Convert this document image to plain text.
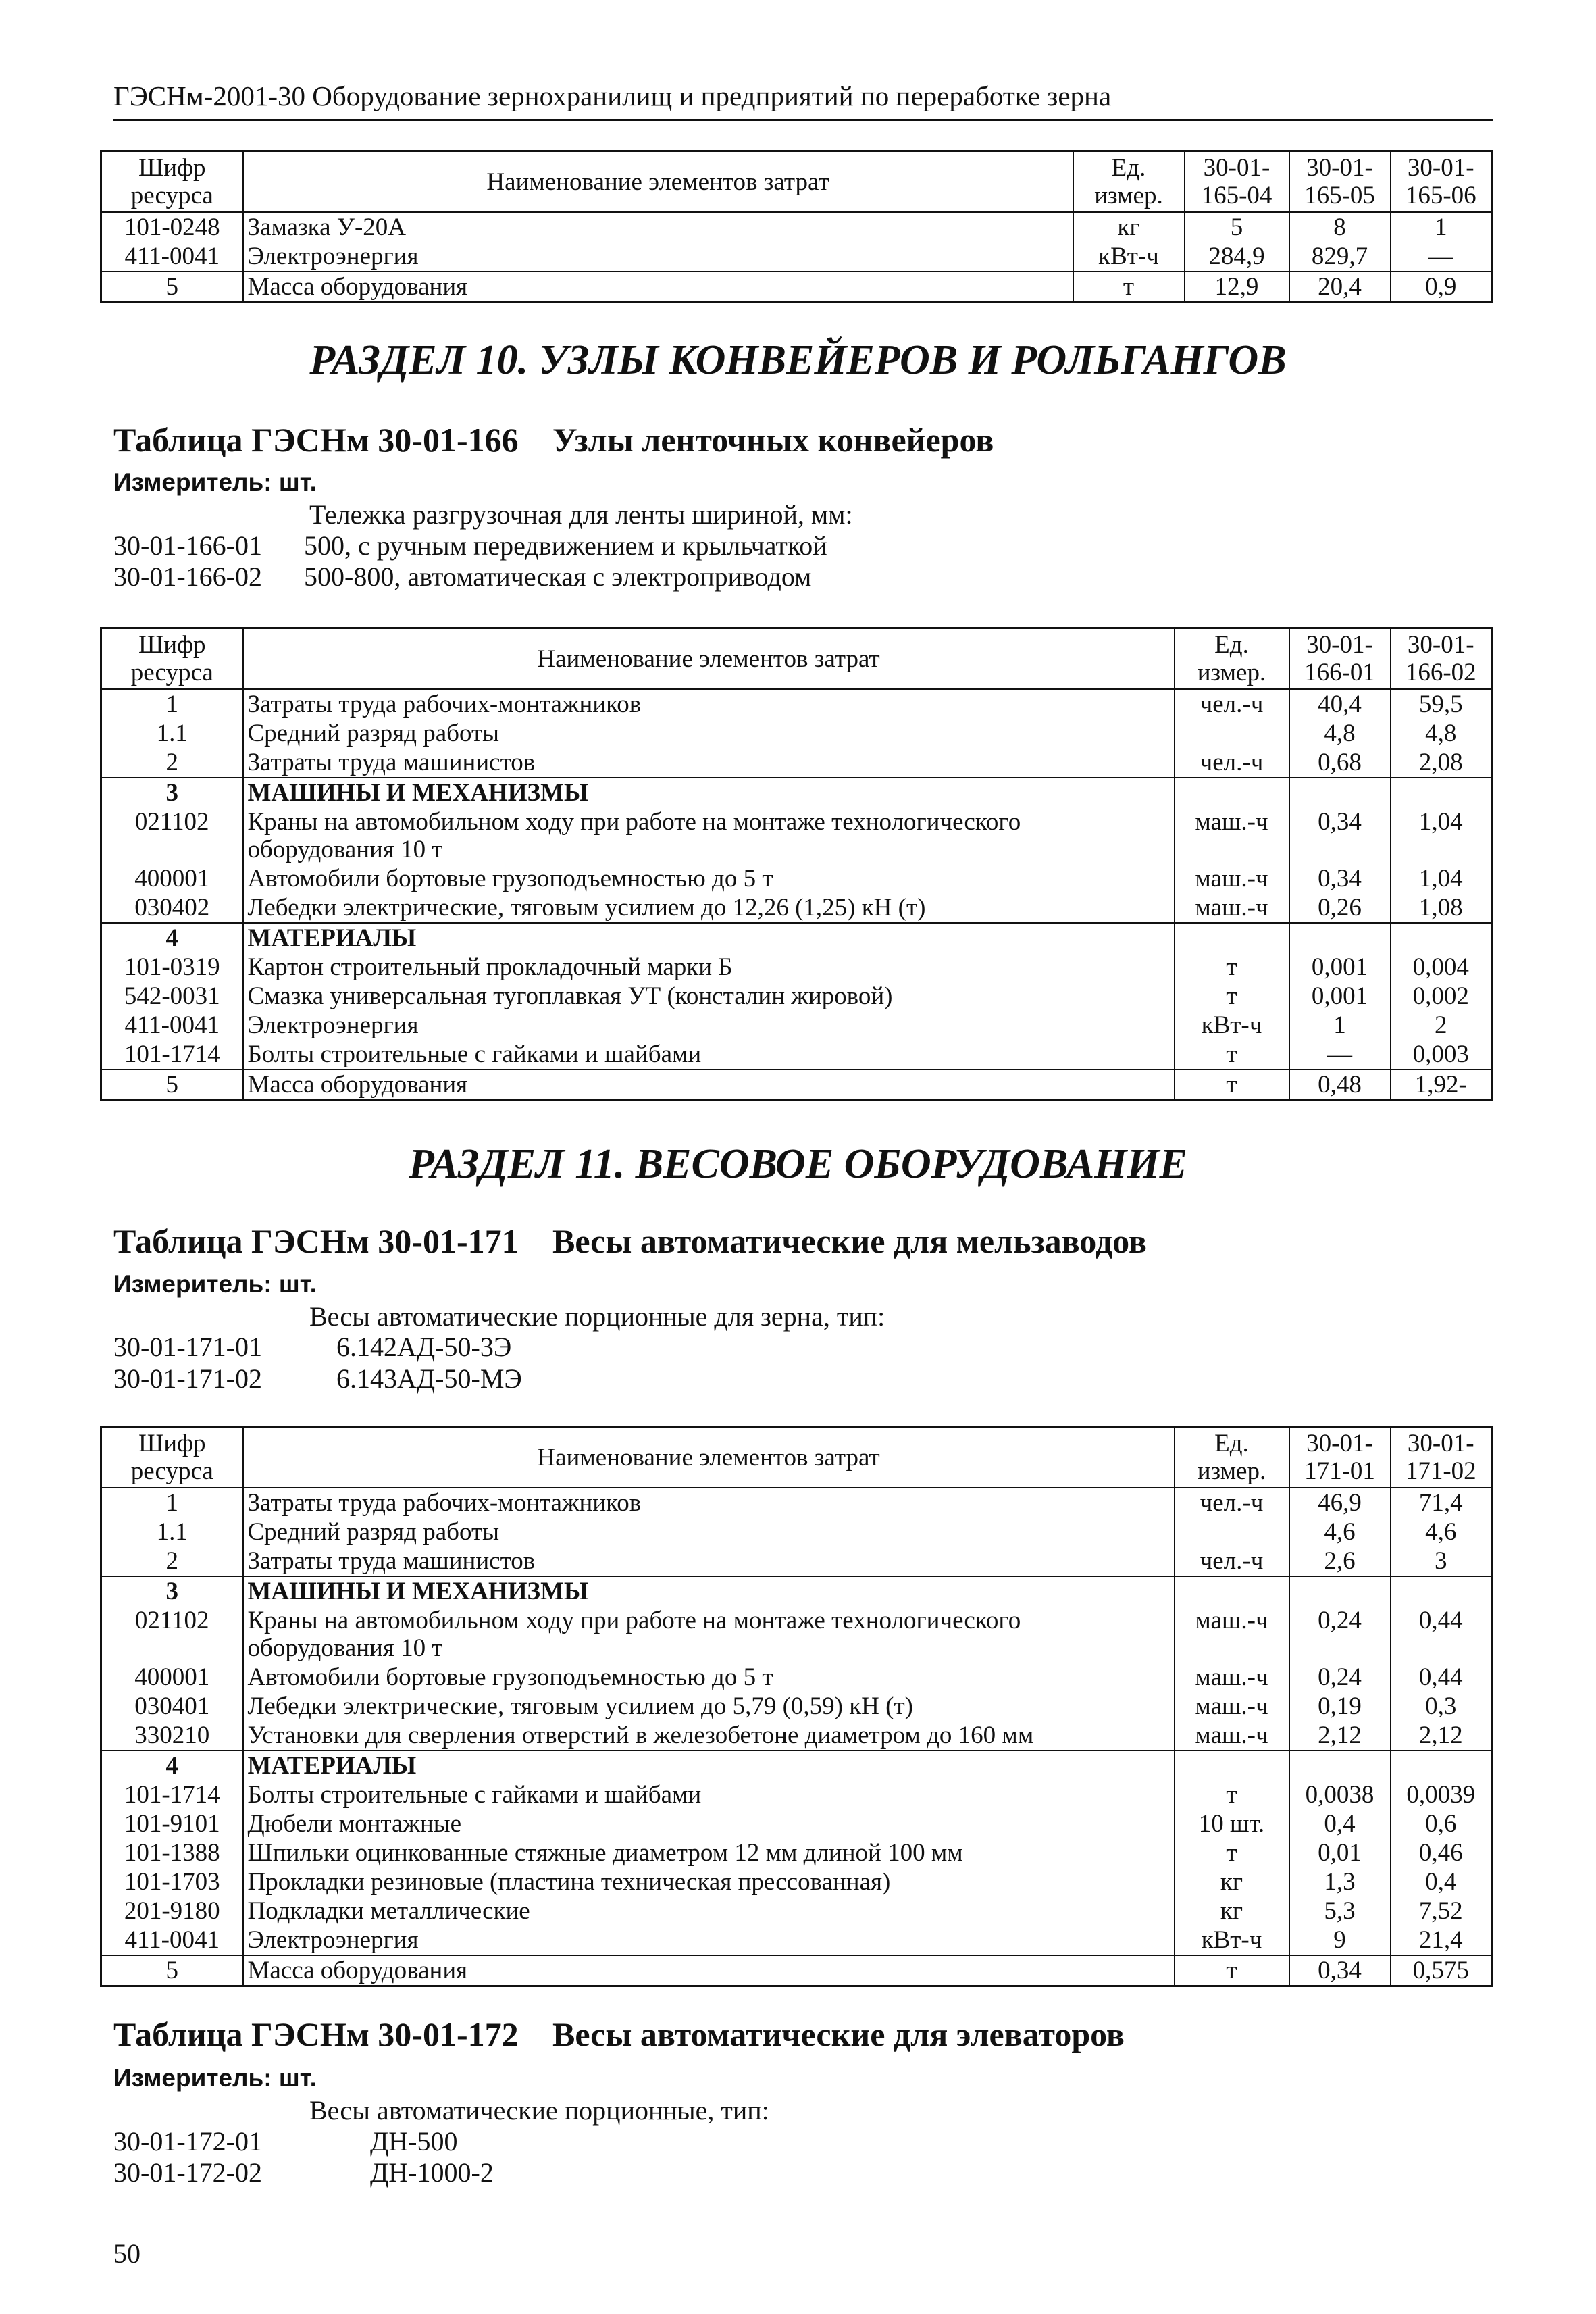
ГЭСНм-2001-30 Оборудование зернохранилищ и предприятий по переработке зерна
Шифр ресурса	Наименование элементов затрат	Ед. измер.	30-01-165-04	30-01-165-05	30-01-165-06
101-0248	Замазка У-20А	кг	5	8	1
411-0041	Электроэнергия	кВт-ч	284,9	829,7	—
5	Масса оборудования	т	12,9	20,4	0,9
РАЗДЕЛ 10. УЗЛЫ КОНВЕЙЕРОВ И РОЛЬГАНГОВ
Таблица ГЭСНм 30-01-166 Узлы ленточных конвейеров
Измеритель: шт.
Тележка разгрузочная для ленты шириной, мм:
30-01-166-01 500, с ручным передвижением и крыльчаткой
30-01-166-02 500-800, автоматическая с электроприводом
Шифр ресурса	Наименование элементов затрат	Ед. измер.	30-01-166-01	30-01-166-02
1	Затраты труда рабочих-монтажников	чел.-ч	40,4	59,5
1.1	Средний разряд работы		4,8	4,8
2	Затраты труда машинистов	чел.-ч	0,68	2,08
3	МАШИНЫ И МЕХАНИЗМЫ			
021102	Краны на автомобильном ходу при работе на монтаже технологического оборудования 10 т	маш.-ч	0,34	1,04
400001	Автомобили бортовые грузоподъемностью до 5 т	маш.-ч	0,34	1,04
030402	Лебедки электрические, тяговым усилием до 12,26 (1,25) кН (т)	маш.-ч	0,26	1,08
4	МАТЕРИАЛЫ			
101-0319	Картон строительный прокладочный марки Б	т	0,001	0,004
542-0031	Смазка универсальная тугоплавкая УТ (консталин жировой)	т	0,001	0,002
411-0041	Электроэнергия	кВт-ч	1	2
101-1714	Болты строительные с гайками и шайбами	т	—	0,003
5	Масса оборудования	т	0,48	1,92-
РАЗДЕЛ 11. ВЕСОВОЕ ОБОРУДОВАНИЕ
Таблица ГЭСНм 30-01-171 Весы автоматические для мельзаводов
Измеритель: шт.
Весы автоматические порционные для зерна, тип:
30-01-171-01	6.142АД-50-3Э
30-01-171-02	6.143АД-50-МЭ
Шифр ресурса	Наименование элементов затрат	Ед. измер.	30-01-171-01	30-01-171-02
1	Затраты труда рабочих-монтажников	чел.-ч	46,9	71,4
1.1	Средний разряд работы		4,6	4,6
2	Затраты труда машинистов	чел.-ч	2,6	3
3	МАШИНЫ И МЕХАНИЗМЫ			
021102	Краны на автомобильном ходу при работе на монтаже технологического оборудования 10 т	маш.-ч	0,24	0,44
400001	Автомобили бортовые грузоподъемностью до 5 т	маш.-ч	0,24	0,44
030401	Лебедки электрические, тяговым усилием до 5,79 (0,59) кН (т)	маш.-ч	0,19	0,3
330210	Установки для сверления отверстий в железобетоне диаметром до 160 мм	маш.-ч	2,12	2,12
4	МАТЕРИАЛЫ			
101-1714	Болты строительные с гайками и шайбами	т	0,0038	0,0039
101-9101	Дюбели монтажные	10 шт.	0,4	0,6
101-1388	Шпильки оцинкованные стяжные диаметром 12 мм длиной 100 мм	т	0,01	0,46
101-1703	Прокладки резиновые (пластина техническая прессованная)	кг	1,3	0,4
201-9180	Подкладки металлические	кг	5,3	7,52
411-0041	Электроэнергия	кВт-ч	9	21,4
5	Масса оборудования	т	0,34	0,575
Таблица ГЭСНм 30-01-172 Весы автоматические для элеваторов
Измеритель: шт.
Весы автоматические порционные, тип:
30-01-172-01	ДН-500
30-01-172-02	ДН-1000-2
50
